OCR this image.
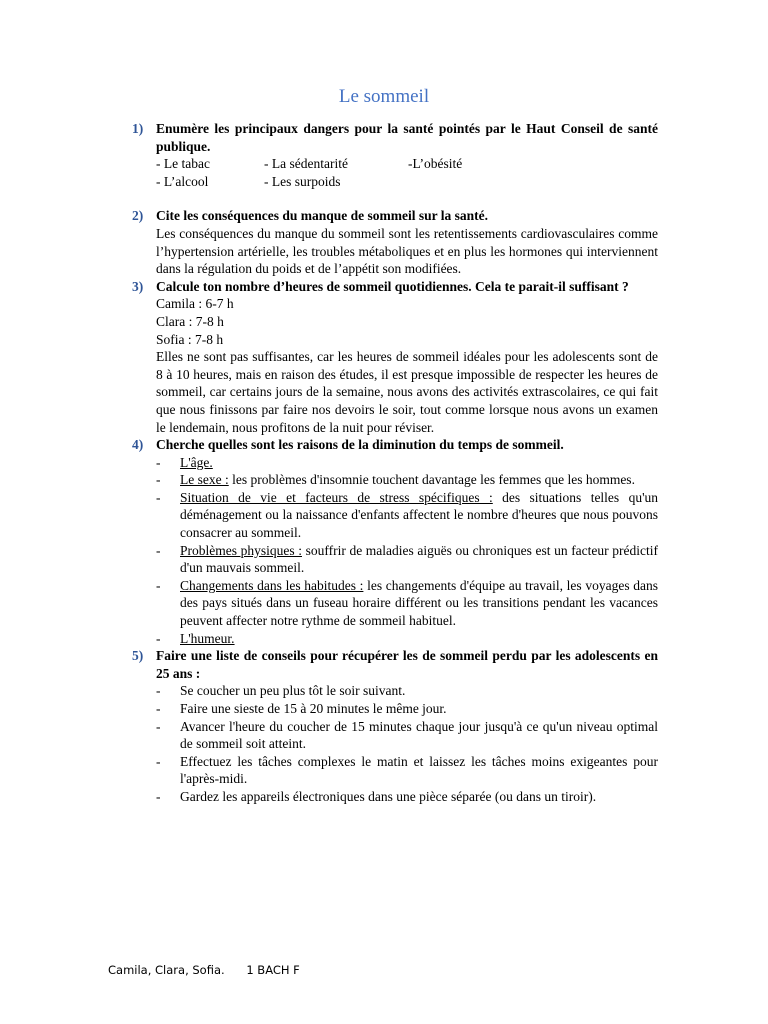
Le sommeil
1) Enumère les principaux dangers pour la santé pointés par le Haut Conseil de santé publique.
- Le tabac	- La sédentarité	-L’obésité
- L’alcool	- Les surpoids
2) Cite les conséquences du manque de sommeil sur la santé.
Les conséquences du manque du sommeil sont les retentissements cardiovasculaires comme l’hypertension artérielle, les troubles métaboliques et en plus les hormones qui interviennent dans la régulation du poids et de l’appétit son modifiées.
3) Calcule ton nombre d’heures de sommeil quotidiennes. Cela te parait-il suffisant ?
Camila : 6-7 h
Clara : 7-8 h
Sofia : 7-8 h
Elles ne sont pas suffisantes, car les heures de sommeil idéales pour les adolescents sont de 8 à 10 heures, mais en raison des études, il est presque impossible de respecter les heures de sommeil, car certains jours de la semaine, nous avons des activités extrascolaires, ce qui fait que nous finissons par faire nos devoirs le soir, tout comme lorsque nous avons un examen le lendemain, nous profitons de la nuit pour réviser.
4) Cherche quelles sont les raisons de la diminution du temps de sommeil.
- L'âge.
- Le sexe : les problèmes d'insomnie touchent davantage les femmes que les hommes.
- Situation de vie et facteurs de stress spécifiques : des situations telles qu'un déménagement ou la naissance d'enfants affectent le nombre d'heures que nous pouvons consacrer au sommeil.
- Problèmes physiques : souffrir de maladies aiguës ou chroniques est un facteur prédictif d'un mauvais sommeil.
- Changements dans les habitudes : les changements d'équipe au travail, les voyages dans des pays situés dans un fuseau horaire différent ou les transitions pendant les vacances peuvent affecter notre rythme de sommeil habituel.
- L'humeur.
5) Faire une liste de conseils pour récupérer les de sommeil perdu par les adolescents en 25 ans :
- Se coucher un peu plus tôt le soir suivant.
- Faire une sieste de 15 à 20 minutes le même jour.
- Avancer l'heure du coucher de 15 minutes chaque jour jusqu'à ce qu'un niveau optimal de sommeil soit atteint.
- Effectuez les tâches complexes le matin et laissez les tâches moins exigeantes pour l'après-midi.
- Gardez les appareils électroniques dans une pièce séparée (ou dans un tiroir).
Camila, Clara, Sofia. 1 BACH F
